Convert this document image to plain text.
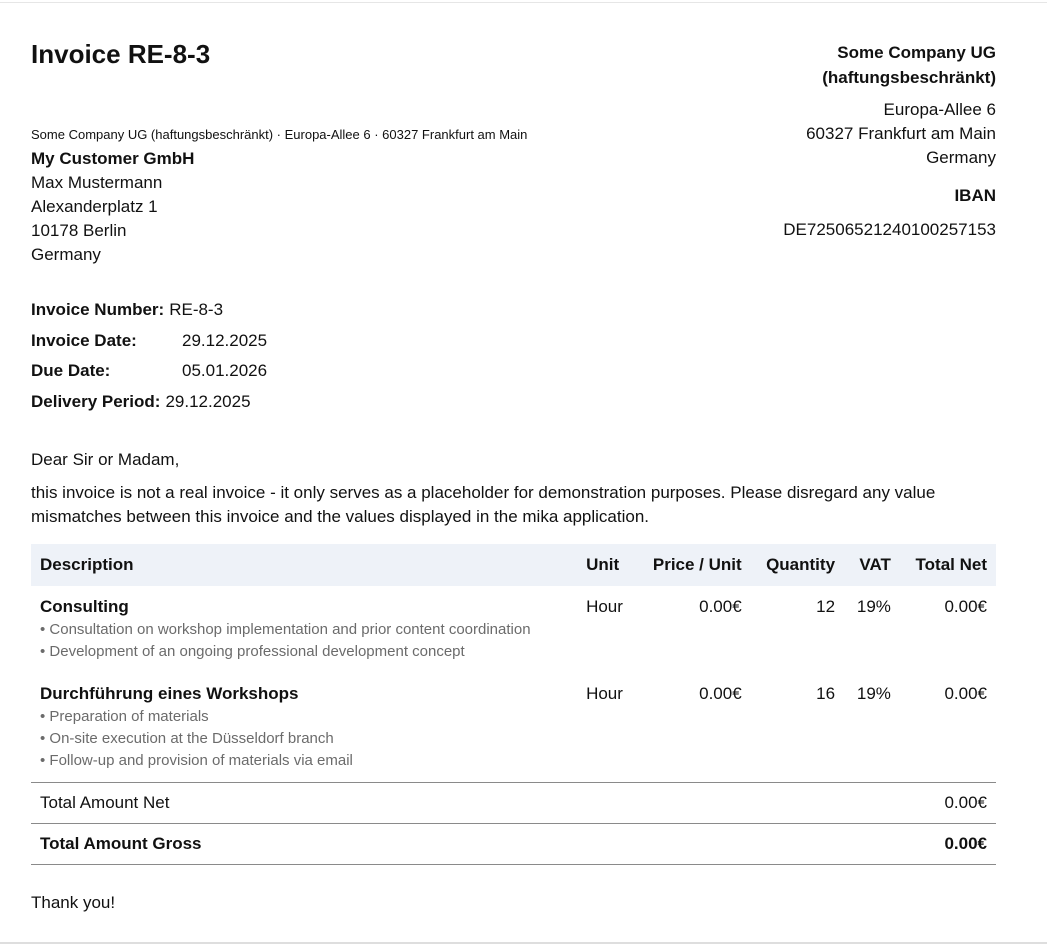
Invoice RE-8-3	Some Company UG
(haftungsbeschränkt)
Europa-Allee 6
60327 Frankfurt am Main
Germany
IBAN
DE72506521240100257153
Some Company UG (haftungsbeschränkt) · Europa-Allee 6 · 60327 Frankfurt am Main
My Customer GmbH
Max Mustermann
Alexanderplatz 1
10178 Berlin
Germany
Invoice Number: RE-8-3
Invoice Date:	29.12.2025
Due Date:	05.01.2026
Delivery Period: 29.12.2025
Dear Sir or Madam,
this invoice is not a real invoice - it only serves as a placeholder for demonstration purposes. Please disregard any value mismatches between this invoice and the values displayed in the mika application.
Description	Unit	Price / Unit	Quantity	VAT	Total Net

Consulting
• Consultation on workshop implementation and prior content coordination
• Development of an ongoing professional development concept	Hour	0.00€	12	19%	0.00€

Durchführung eines Workshops
• Preparation of materials
• On-site execution at the Düsseldorf branch
• Follow-up and provision of materials via email	Hour	0.00€	16	19%	0.00€
Total Amount Net					0.00€
Total Amount Gross					0.00€
Thank you!
